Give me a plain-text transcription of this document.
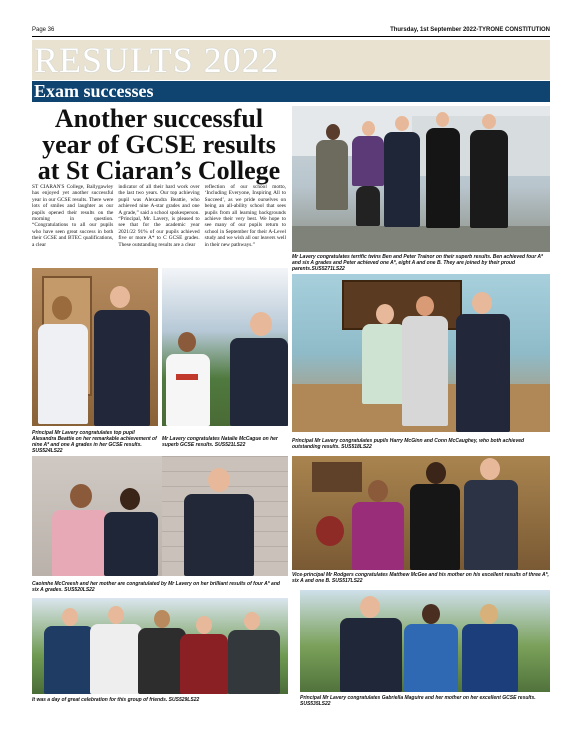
Page 36	Thursday, 1st September 2022-TYRONE CONSTITUTION
RESULTS 2022
Exam successes
Another successful year of GCSE results at St Ciaran’s College
ST CIARAN'S College, Ballygawley has enjoyed yet another successful year in our GCSE results. There were lots of smiles and laughter as our pupils opened their results on the morning in question. “Congratulations to all our pupils who have seen great success in both their GCSE and BTEC qualifications, a clear
indicator of all their hard work over the last two years. Our top achieving pupil was Alexandra Beattie, who achieved nine A-star grades and one A grade,” said a school spokesperson. “Principal, Mr. Lavery, is pleased to see that for the academic year 2021/22 91% of our pupils achieved five or more A* to C GCSE grades. These outstanding results are a clear
reflection of our school motto, ‘Including Everyone, Inspiring All to Succeed’, as we pride ourselves on being an all-ability school that sees pupils from all learning backgrounds achieve their very best. We hope to see many of our pupils return to school in September for their A-Level study and we wish all our leavers well in their new pathways.”
Mr Lavery congratulates terrific twins Ben and Peter Trainor on their superb results. Ben achieved four A* and six A grades and Peter achieved one A*, eight A and one B. They are joined by their proud parents.SUS5271LS22
Principal Mr Lavery congratulates top pupil Alexandra Beattie on her remarkable achievement of nine A* and one A grades in her GCSE results. SUS524LS22
Mr Lavery congratulates Natalie McCague on her superb GCSE results. SUS521LS22
Principal Mr Lavery congratulates pupils Harry McGinn and Conn McCaughey, who both achieved outstanding results. SUS518LS22
Caoimhe McCreesh and her mother are congratulated by Mr Lavery on her brilliant results of four A* and six A grades. SUS520LS22
Vice-principal Mr Rodgers congratulates Matthew McGee and his mother on his excellent results of three A*, six A and one B. SUS517LS22
It was a day of great celebration for this group of friends. SUS529LS22	Principal Mr Lavery congratulates Gabriella Maguire and her mother on her excellent GCSE results. SUS535LS22
